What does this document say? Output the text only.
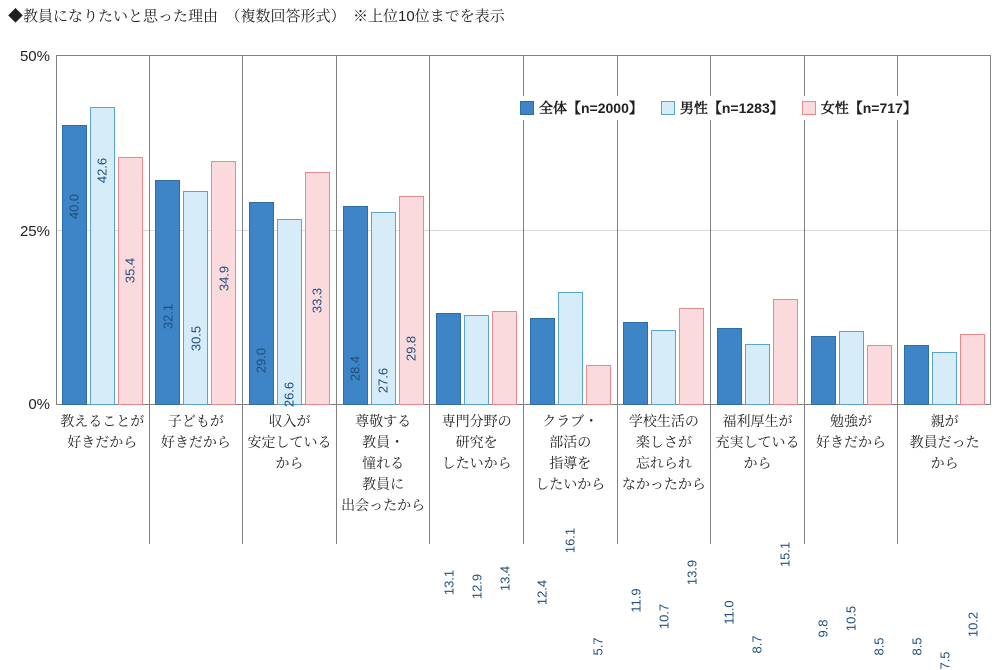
◆教員になりたいと思った理由　（複数回答形式）　※上位10位までを表示
50%
25%
0%
40.0
42.6
35.4
教えることが
好きだから
32.1
30.5
34.9
子どもが
好きだから
29.0
26.6
33.3
収入が
安定している
から
28.4 27.6
29.8
尊敬する
教員・
憧れる
教員に
出会ったから
13.1 12.9 13.4
専門分野の
研究を
したいから
12.4
16.1
5.7
クラブ・
部活の
指導を
したいから
11.9
10.7
13.9
学校生活の
楽しさが
忘れられ
なかったから
11.0
8.7
15.1
福利厚生が
充実している
から
9.8 10.5
8.5
勉強が
好きだから
8.5
7.5
10.2
親が
教員だった
から
全体【n=2000】	男性【n=1283】	女性【n=717】
